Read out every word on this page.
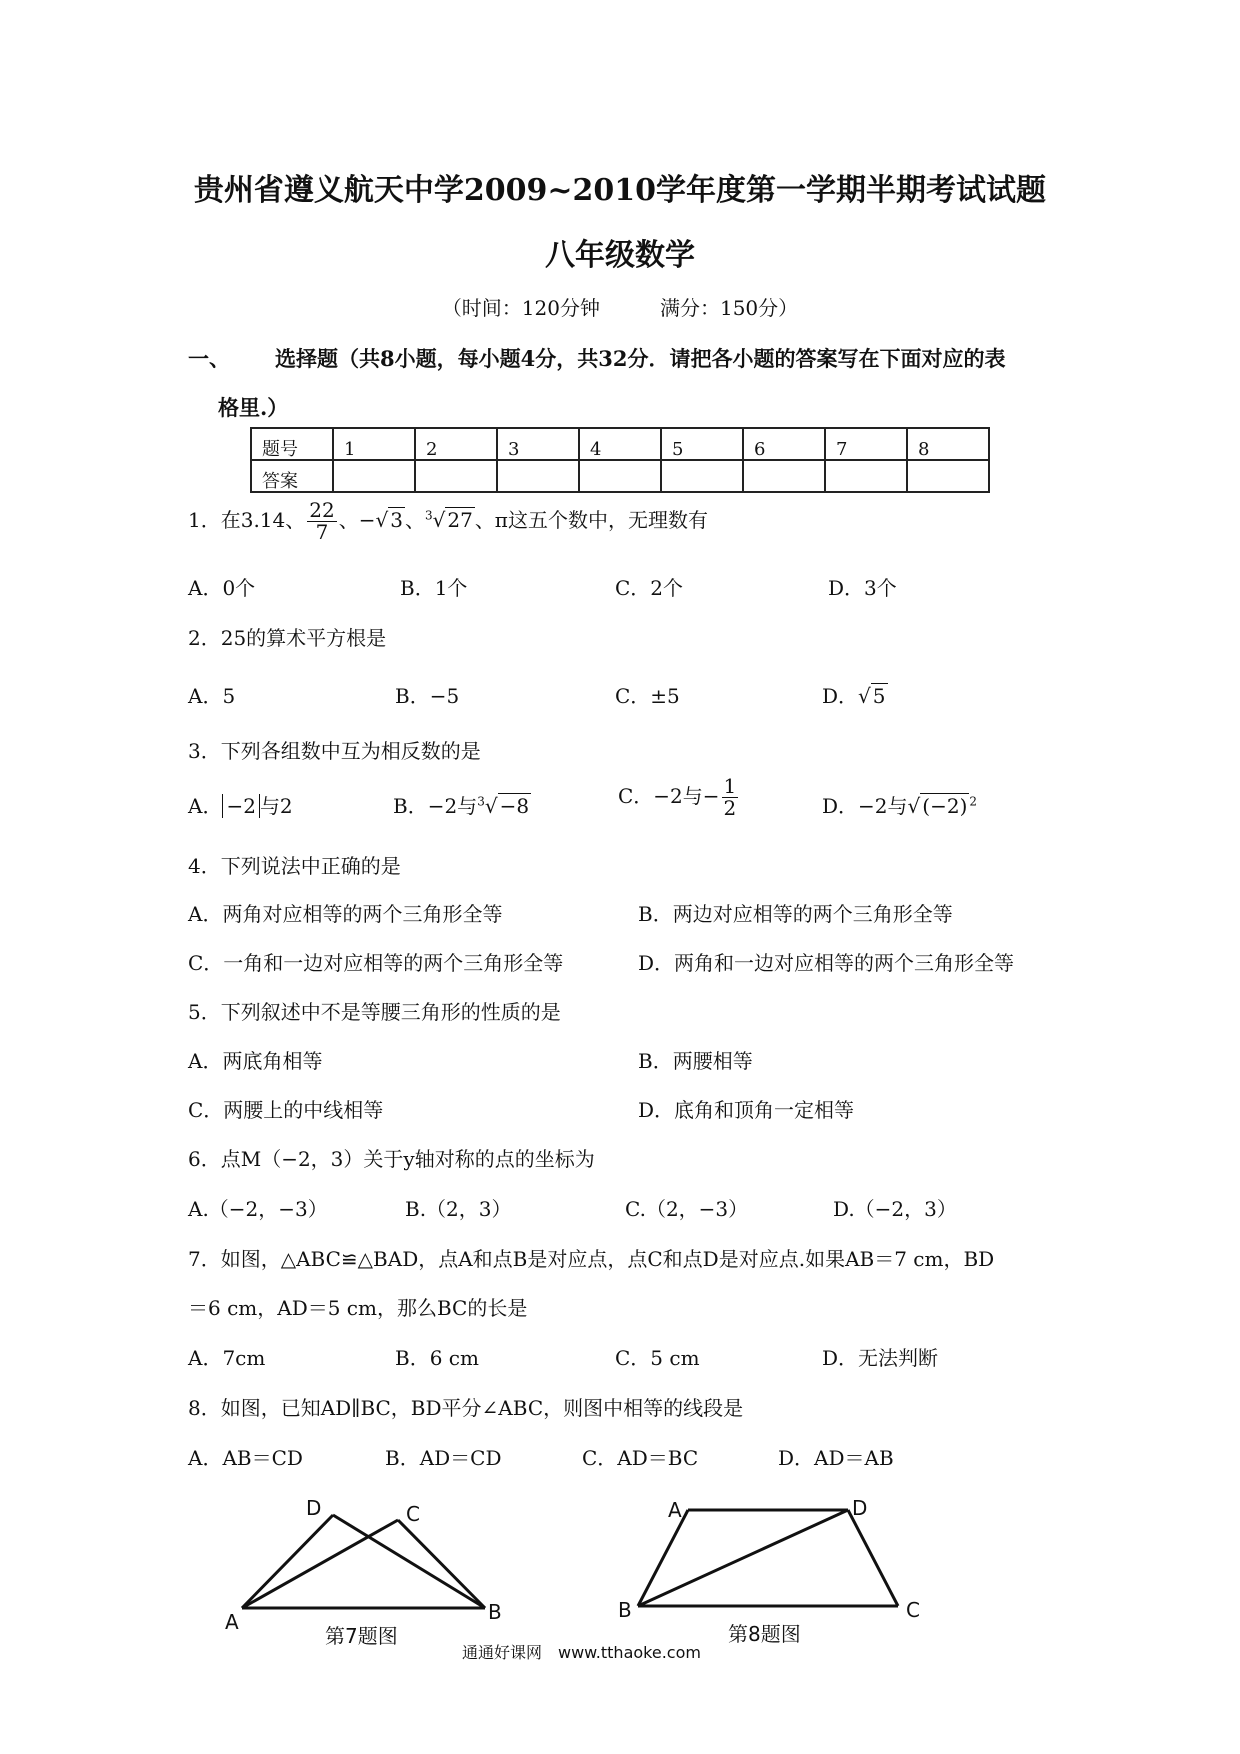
贵州省遵义航天中学2009~2010学年度第一学期半期考试试题
八年级数学
（时间：120分钟　　　满分：150分）
一、 选择题（共8小题，每小题4分，共32分．请把各小题的答案写在下面对应的表
格里.）
题号	1	2	3	4	5	6	7	8
答案								
1．在3.14、 $\frac{22}{7}$ 、−√ 3 、$^3$√ 27 、π这五个数中，无理数有
A．0个	B．1个	C．2个	D．3个
2．25的算术平方根是
A．5	B．−5	C．±5	D．√ 5
3．下列各组数中互为相反数的是
A． −2 与2	B．−2与$^3$√ −8	C．−2与− $\frac{1}{2}$	D．−2与√ (−2) $^2$
4．下列说法中正确的是
A．两角对应相等的两个三角形全等	B．两边对应相等的两个三角形全等
C．一角和一边对应相等的两个三角形全等	D．两角和一边对应相等的两个三角形全等
5．下列叙述中不是等腰三角形的性质的是
A．两底角相等	B．两腰相等
C．两腰上的中线相等	D．底角和顶角一定相等
6．点M（−2，3）关于y轴对称的点的坐标为
A.（−2，−3）	B.（2，3）	C.（2，−3）	D.（−2，3）
7．如图，△ABC≌△BAD，点A和点B是对应点，点C和点D是对应点.如果AB＝7 cm，BD
＝6 cm，AD＝5 cm，那么BC的长是
A．7cm	B．6 cm	C．5 cm	D．无法判断
8．如图，已知AD∥BC，BD平分∠ABC，则图中相等的线段是
A．AB＝CD	B．AD＝CD	C．AD＝BC	D．AD＝AB
A	B
C
D
第7题图
A
B	C
D
第8题图
通通好课网　www.tthaoke.com
